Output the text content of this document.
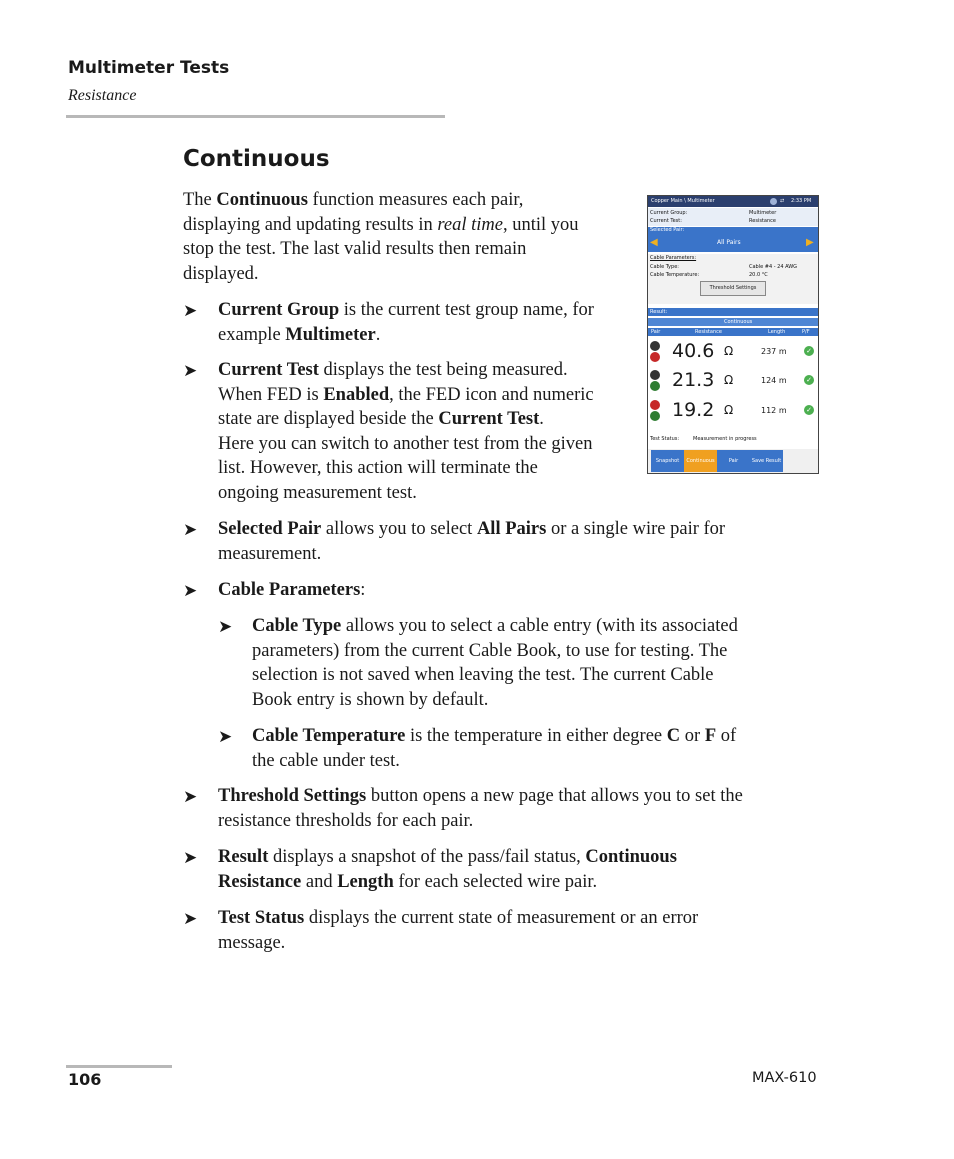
Multimeter Tests
Resistance
Continuous
The Continuous function measures each pair,
displaying and updating results in real time, until you
stop the test. The last valid results then remain
displayed.
➤ Current Group is the current test group name, for
example Multimeter.
➤ Current Test displays the test being measured.
When FED is Enabled, the FED icon and numeric
state are displayed beside the Current Test.
Here you can switch to another test from the given
list. However, this action will terminate the
ongoing measurement test.
➤ Selected Pair allows you to select All Pairs or a single wire pair for
measurement.
➤ Cable Parameters:
➤ Cable Type allows you to select a cable entry (with its associated
parameters) from the current Cable Book, to use for testing. The
selection is not saved when leaving the test. The current Cable
Book entry is shown by default.
➤ Cable Temperature is the temperature in either degree C or F of
the cable under test.
➤ Threshold Settings button opens a new page that allows you to set the
resistance thresholds for each pair.
➤ Result displays a snapshot of the pass/fail status, Continuous
Resistance and Length for each selected wire pair.
➤ Test Status displays the current state of measurement or an error
message.
Copper Main \ Multimeter	⇄ 2:33 PM
Current Group:	Multimeter
Current Test:	Resistance
Selected Pair:
◀	All Pairs	▶
Cable Parameters:
Cable Type:	Cable #4 - 24 AWG
Cable Temperature:	20.0 °C
Threshold Settings
Result:
Continuous
Pair	Resistance	Length	P/F
40.6 Ω	237 m	✓
21.3 Ω	124 m	✓
19.2 Ω	112 m	✓
Test Status:	Measurement in progress
Snapshot	Continuous	Pair	Save Result
106	MAX-610
